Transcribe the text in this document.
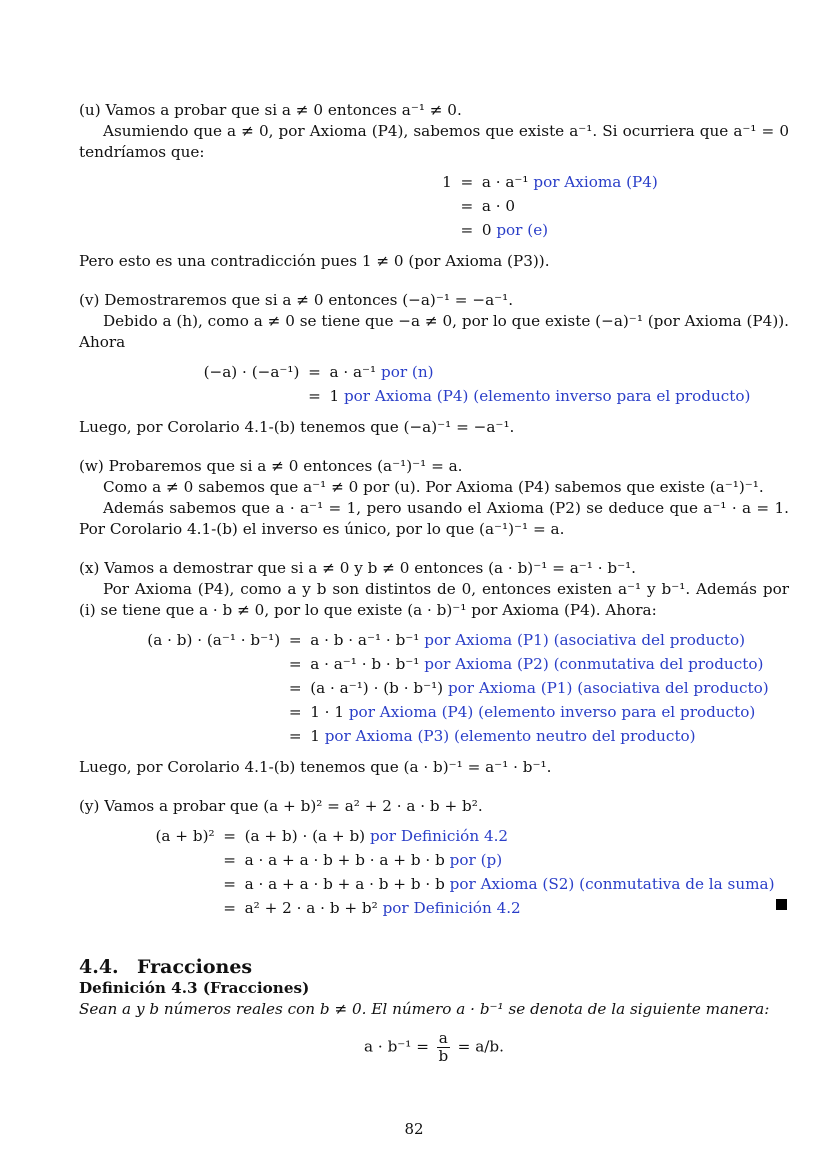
(u) Vamos a probar que si a ≠ 0 entonces a⁻¹ ≠ 0.

Asumiendo que a ≠ 0, por Axioma (P4), sabemos que existe a⁻¹. Si ocurriera que a⁻¹ = 0 tendríamos que:

1 = a · a⁻¹ por Axioma (P4)
= a · 0
= 0 por (e)

Pero esto es una contradicción pues 1 ≠ 0 (por Axioma (P3)).

(v) Demostraremos que si a ≠ 0 entonces (−a)⁻¹ = −a⁻¹.

Debido a (h), como a ≠ 0 se tiene que −a ≠ 0, por lo que existe (−a)⁻¹ (por Axioma (P4)). Ahora

(−a) · (−a⁻¹) = a · a⁻¹ por (n)
= 1 por Axioma (P4) (elemento inverso para el producto)

Luego, por Corolario 4.1-(b) tenemos que (−a)⁻¹ = −a⁻¹.

(w) Probaremos que si a ≠ 0 entonces (a⁻¹)⁻¹ = a.

Como a ≠ 0 sabemos que a⁻¹ ≠ 0 por (u). Por Axioma (P4) sabemos que existe (a⁻¹)⁻¹.

Además sabemos que a · a⁻¹ = 1, pero usando el Axioma (P2) se deduce que a⁻¹ · a = 1. Por Corolario 4.1-(b) el inverso es único, por lo que (a⁻¹)⁻¹ = a.

(x) Vamos a demostrar que si a ≠ 0 y b ≠ 0 entonces (a · b)⁻¹ = a⁻¹ · b⁻¹.

Por Axioma (P4), como a y b son distintos de 0, entonces existen a⁻¹ y b⁻¹. Además por (i) se tiene que a · b ≠ 0, por lo que existe (a · b)⁻¹ por Axioma (P4). Ahora:

(a · b) · (a⁻¹ · b⁻¹) = a · b · a⁻¹ · b⁻¹ por Axioma (P1) (asociativa del producto)
= a · a⁻¹ · b · b⁻¹ por Axioma (P2) (conmutativa del producto)
= (a · a⁻¹) · (b · b⁻¹) por Axioma (P1) (asociativa del producto)
= 1 · 1 por Axioma (P4) (elemento inverso para el producto)
= 1 por Axioma (P3) (elemento neutro del producto)

Luego, por Corolario 4.1-(b) tenemos que (a · b)⁻¹ = a⁻¹ · b⁻¹.

(y) Vamos a probar que (a + b)² = a² + 2 · a · b + b².

(a + b)² = (a + b) · (a + b) por Definición 4.2
= a · a + a · b + b · a + b · b por (p)
= a · a + a · b + a · b + b · b por Axioma (S2) (conmutativa de la suma)
= a² + 2 · a · b + b² por Definición 4.2
4.4. Fracciones

Definición 4.3 (Fracciones)

Sean a y b números reales con b ≠ 0. El número a · b⁻¹ se denota de la siguiente manera:

$a \cdot b^{-1} = \frac{a}{b} = a/b$.
82
